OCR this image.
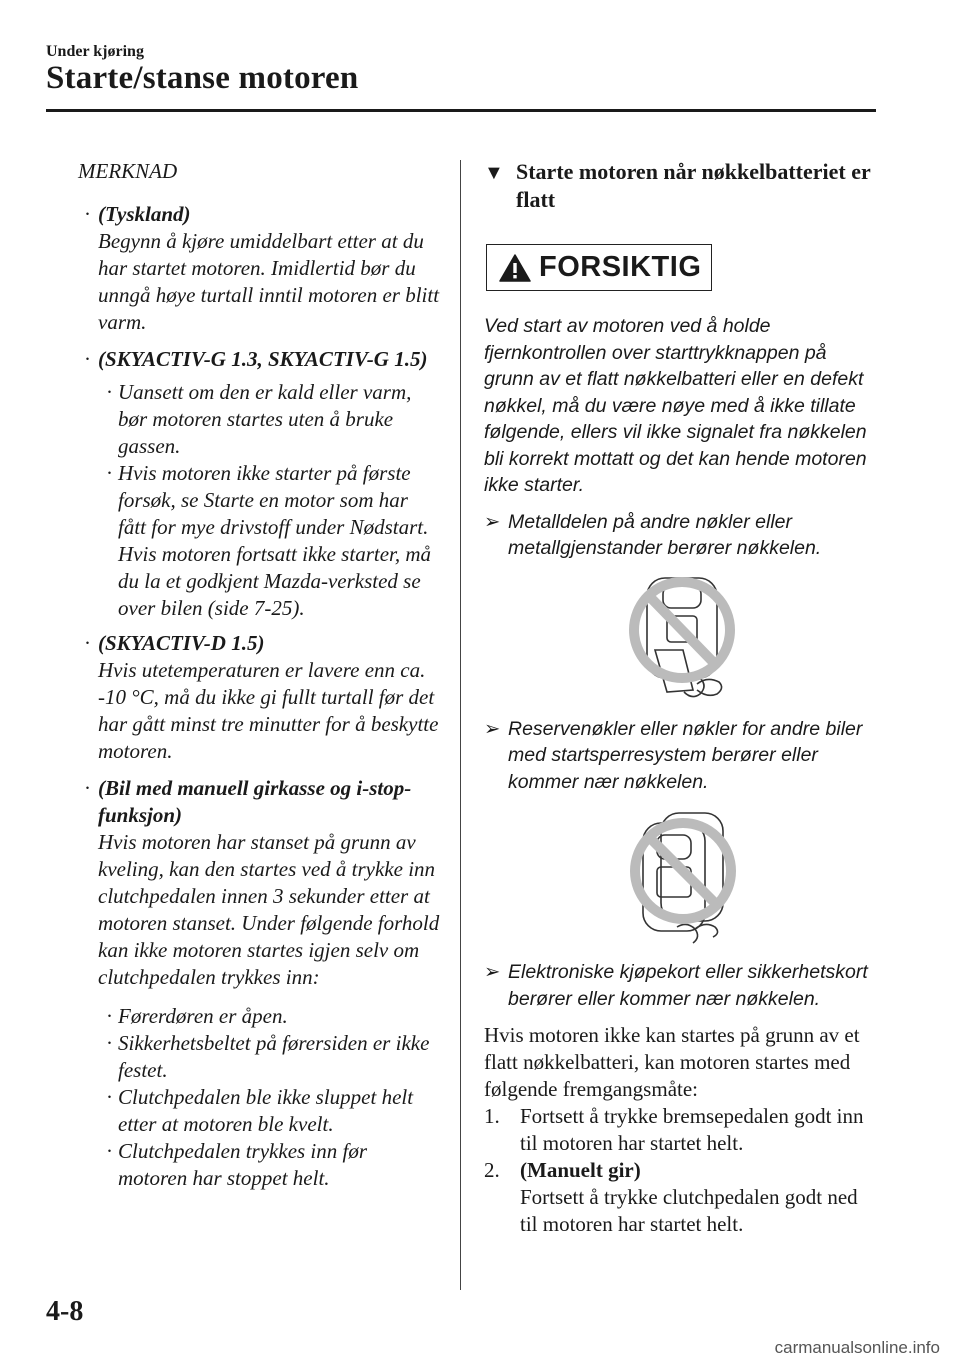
Under kjøring
Starte/stanse motoren
MERKNAD
· (Tyskland)
Begynn å kjøre umiddelbart etter at du har startet motoren. Imidlertid bør du unngå høye turtall inntil motoren er blitt varm.
· (SKYACTIV-G 1.3, SKYACTIV-G 1.5)
· Uansett om den er kald eller varm, bør motoren startes uten å bruke gassen.
· Hvis motoren ikke starter på første forsøk, se Starte en motor som har fått for mye drivstoff under Nødstart. Hvis motoren fortsatt ikke starter, må du la et godkjent Mazda-verksted se over bilen (side 7-25).
· (SKYACTIV-D 1.5)
Hvis utetemperaturen er lavere enn ca. -10 °C, må du ikke gi fullt turtall før det har gått minst tre minutter for å beskytte motoren.
· (Bil med manuell girkasse og i-stop-funksjon)
Hvis motoren har stanset på grunn av kveling, kan den startes ved å trykke inn clutchpedalen innen 3 sekunder etter at motoren stanset. Under følgende forhold kan ikke motoren startes igjen selv om clutchpedalen trykkes inn:
· Førerdøren er åpen.
· Sikkerhetsbeltet på førersiden er ikke festet.
· Clutchpedalen ble ikke sluppet helt etter at motoren ble kvelt.
· Clutchpedalen trykkes inn før motoren har stoppet helt.
▼ Starte motoren når nøkkelbatteriet er flatt
FORSIKTIG
Ved start av motoren ved å holde fjernkontrollen over starttrykknappen på grunn av et flatt nøkkelbatteri eller en defekt nøkkel, må du være nøye med å ikke tillate følgende, ellers vil ikke signalet fra nøkkelen bli korrekt mottatt og det kan hende motoren ikke starter.
➢ Metalldelen på andre nøkler eller metallgjenstander berører nøkkelen.
➢ Reservenøkler eller nøkler for andre biler med startsperresystem berører eller kommer nær nøkkelen.
➢ Elektroniske kjøpekort eller sikkerhetskort berører eller kommer nær nøkkelen.
Hvis motoren ikke kan startes på grunn av et flatt nøkkelbatteri, kan motoren startes med følgende fremgangsmåte:
1. Fortsett å trykke bremsepedalen godt inn til motoren har startet helt.
2. (Manuelt gir)
Fortsett å trykke clutchpedalen godt ned til motoren har startet helt.
4-8
carmanualsonline.info
